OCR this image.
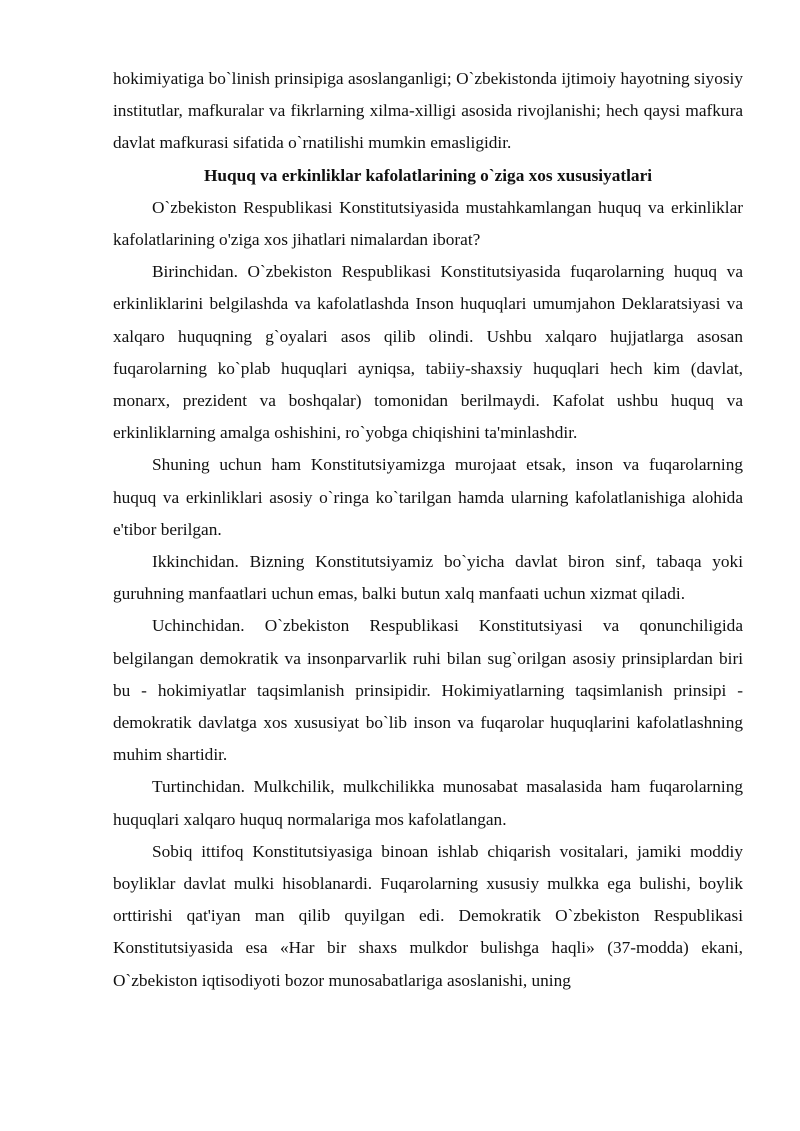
hokimiyatiga bo`linish prinsipiga asoslanganligi; O`zbekistonda ijtimoiy hayotning siyosiy institutlar, mafkuralar va fikrlarning xilma-xilligi asosida rivojlanishi; hech qaysi mafkura davlat mafkurasi sifatida o`rnatilishi mumkin emasligidir.

Huquq va erkinliklar kafolatlarining o`ziga xos xususiyatlari

O`zbekiston Respublikasi Konstitutsiyasida mustahkamlangan huquq va erkinliklar kafolatlarining o'ziga xos jihatlari nimalardan iborat?

Birinchidan. O`zbekiston Respublikasi Konstitutsiyasida fuqarolarning huquq va erkinliklarini belgilashda va kafolatlashda Inson huquqlari umumjahon Deklaratsiyasi va xalqaro huquqning g`oyalari asos qilib olindi. Ushbu xalqaro hujjatlarga asosan fuqarolarning ko`plab huquqlari ayniqsa, tabiiy-shaxsiy huquqlari hech kim (davlat, monarx, prezident va boshqalar) tomonidan berilmaydi. Kafolat ushbu huquq va erkinliklarning amalga oshishini, ro`yobga chiqishini ta'minlashdir.

Shuning uchun ham Konstitutsiyamizga murojaat etsak, inson va fuqarolarning huquq va erkinliklari asosiy o`ringa ko`tarilgan hamda ularning kafolatlanishiga alohida e'tibor berilgan.

Ikkinchidan. Bizning Konstitutsiyamiz bo`yicha davlat biron sinf, tabaqa yoki guruhning manfaatlari uchun emas, balki butun xalq manfaati uchun xizmat qiladi.

Uchinchidan. O`zbekiston Respublikasi Konstitutsiyasi va qonunchiligida belgilangan demokratik va insonparvarlik ruhi bilan sug`orilgan asosiy prinsiplardan biri bu - hokimiyatlar taqsimlanish prinsipidir. Hokimiyatlarning taqsimlanish prinsipi - demokratik davlatga xos xususiyat bo`lib inson va fuqarolar huquqlarini kafolatlashning muhim shartidir.

Turtinchidan. Mulkchilik, mulkchilikka munosabat masalasida ham fuqarolarning huquqlari xalqaro huquq normalariga mos kafolatlangan.

Sobiq ittifoq Konstitutsiyasiga binoan ishlab chiqarish vositalari, jamiki moddiy boyliklar davlat mulki hisoblanardi. Fuqarolarning xususiy mulkka ega bulishi, boylik orttirishi qat'iyan man qilib quyilgan edi. Demokratik O`zbekiston Respublikasi Konstitutsiyasida esa «Har bir shaxs mulkdor bulishga haqli» (37-modda) ekani, O`zbekiston iqtisodiyoti bozor munosabatlariga asoslanishi, uning
